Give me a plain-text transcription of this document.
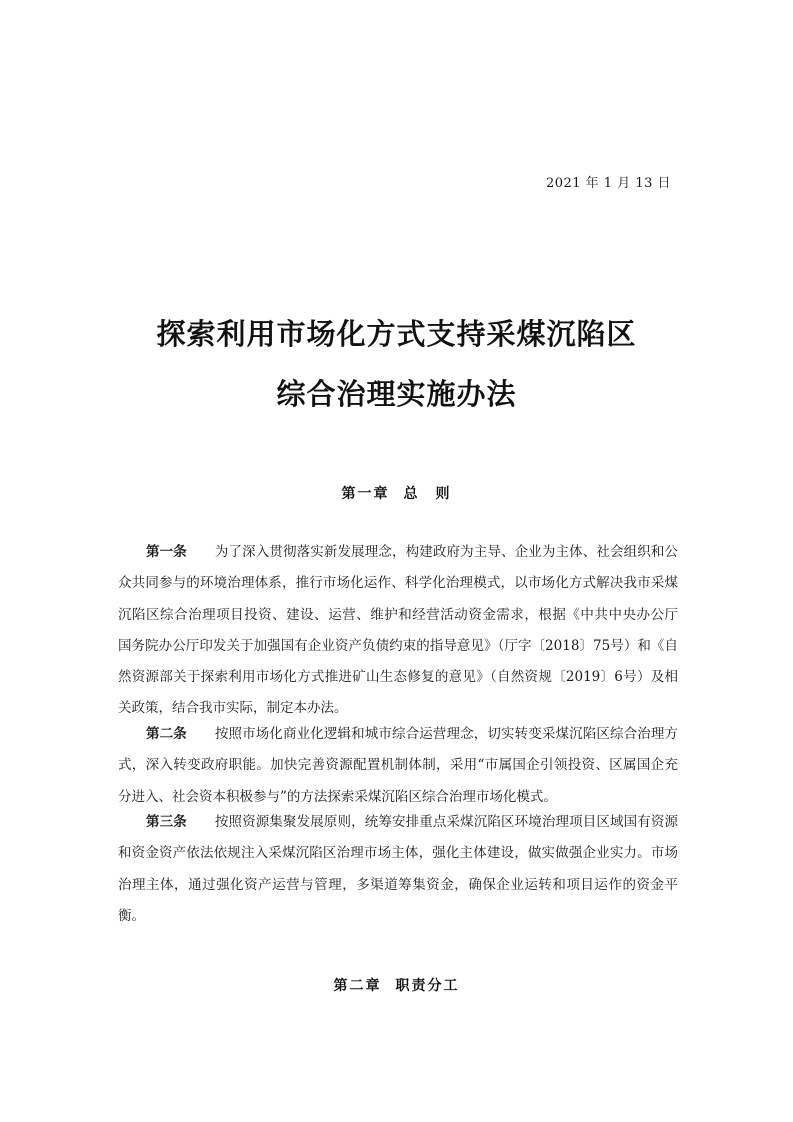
2021 年 1 月 13 日
探索利用市场化方式支持采煤沉陷区
综合治理实施办法
第一章 总　则

第一条 为了深入贯彻落实新发展理念，构建政府为主导、企业为主体、社会组织和公众共同参与的环境治理体系，推行市场化运作、科学化治理模式，以市场化方式解决我市采煤沉陷区综合治理项目投资、建设、运营、维护和经营活动资金需求，根据《中共中央办公厅　国务院办公厅印发关于加强国有企业资产负债约束的指导意见》（厅字〔2018〕75号）和《自然资源部关于探索利用市场化方式推进矿山生态修复的意见》（自然资规〔2019〕6号）及相关政策，结合我市实际，制定本办法。

第二条 按照市场化商业化逻辑和城市综合运营理念，切实转变采煤沉陷区综合治理方式，深入转变政府职能。加快完善资源配置机制体制，采用“市属国企引领投资、区属国企充分进入、社会资本积极参与”的方法探索采煤沉陷区综合治理市场化模式。

第三条 按照资源集聚发展原则，统筹安排重点采煤沉陷区环境治理项目区域国有资源和资金资产依法依规注入采煤沉陷区治理市场主体，强化主体建设，做实做强企业实力。市场治理主体，通过强化资产运营与管理，多渠道筹集资金，确保企业运转和项目运作的资金平衡。

第二章 职责分工
